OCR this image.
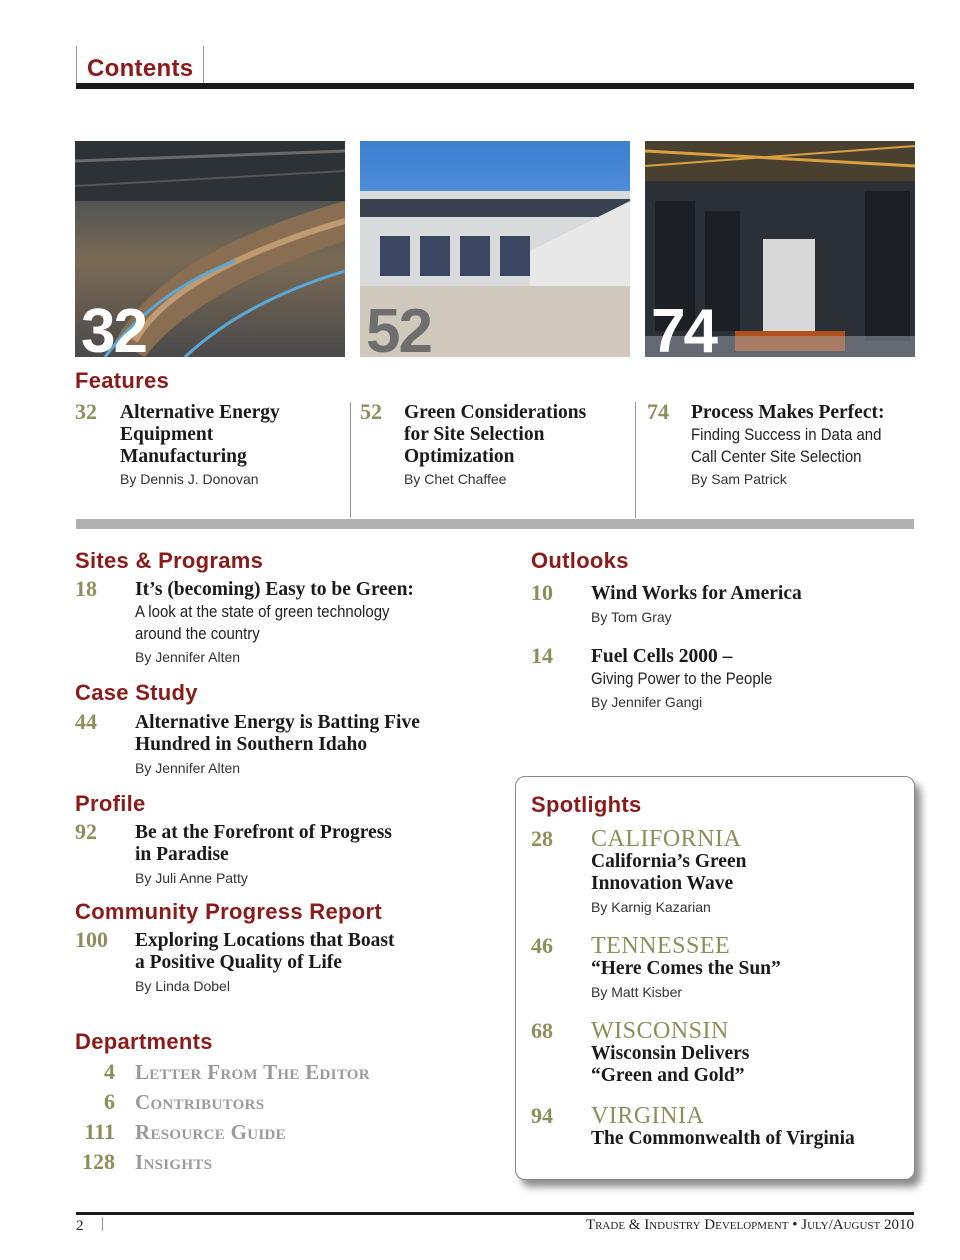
Contents
32	52	74
Features
32 Alternative Energy
Equipment
Manufacturing
By Dennis J. Donovan
52 Green Considerations
for Site Selection
Optimization
By Chet Chaffee
74 Process Makes Perfect:
Finding Success in Data and
Call Center Site Selection
By Sam Patrick
Sites & Programs
18 It’s (becoming) Easy to be Green:
A look at the state of green technology
around the country
By Jennifer Alten
Case Study
44 Alternative Energy is Batting Five
Hundred in Southern Idaho
By Jennifer Alten
Profile
92 Be at the Forefront of Progress
in Paradise
By Juli Anne Patty
Community Progress Report
100 Exploring Locations that Boast
a Positive Quality of Life
By Linda Dobel
Departments
4 Letter From The Editor
6 Contributors
111 Resource Guide
128 Insights
Outlooks
10 Wind Works for America
By Tom Gray
14 Fuel Cells 2000 –
Giving Power to the People
By Jennifer Gangi
Spotlights
28 CALIFORNIA
California’s Green
Innovation Wave
By Karnig Kazarian
46 TENNESSEE
“Here Comes the Sun”
By Matt Kisber
68 WISCONSIN
Wisconsin Delivers
“Green and Gold”
94 VIRGINIA
The Commonwealth of Virginia
2	Trade & Industry Development • July/August 2010
